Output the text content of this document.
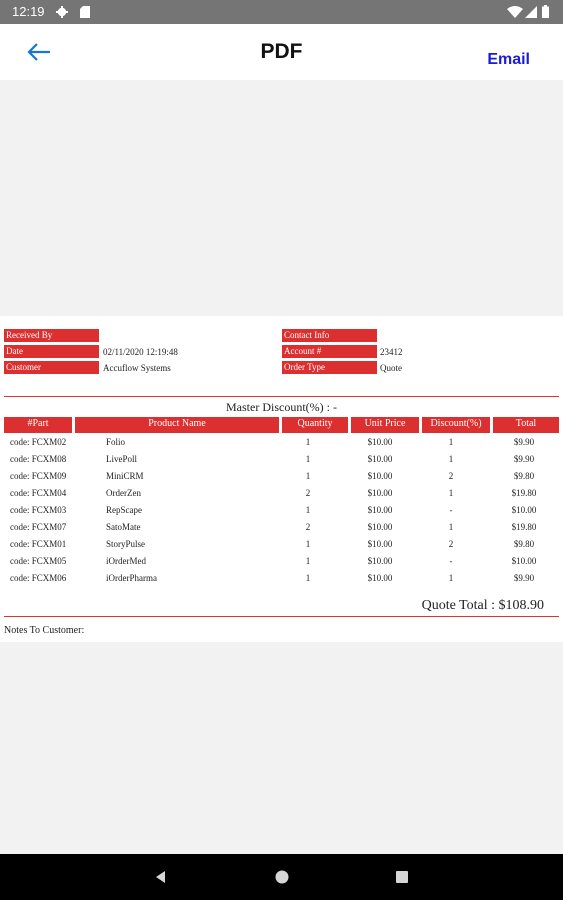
12:19
PDF	Email
Received By
Date	02/11/2020 12:19:48
Customer	Accuflow Systems
Contact Info
Account #	23412
Order Type	Quote
Master Discount(%) : -
#Part	Product Name	Quantity	Unit Price	Discount(%)	Total
code: FCXM02	Folio	1	$10.00	1	$9.90
code: FCXM08	LivePoll	1	$10.00	1	$9.90
code: FCXM09	MiniCRM	1	$10.00	2	$9.80
code: FCXM04	OrderZen	2	$10.00	1	$19.80
code: FCXM03	RepScape	1	$10.00	-	$10.00
code: FCXM07	SatoMate	2	$10.00	1	$19.80
code: FCXM01	StoryPulse	1	$10.00	2	$9.80
code: FCXM05	iOrderMed	1	$10.00	-	$10.00
code: FCXM06	iOrderPharma	1	$10.00	1	$9.90
Quote Total : $108.90
Notes To Customer:
